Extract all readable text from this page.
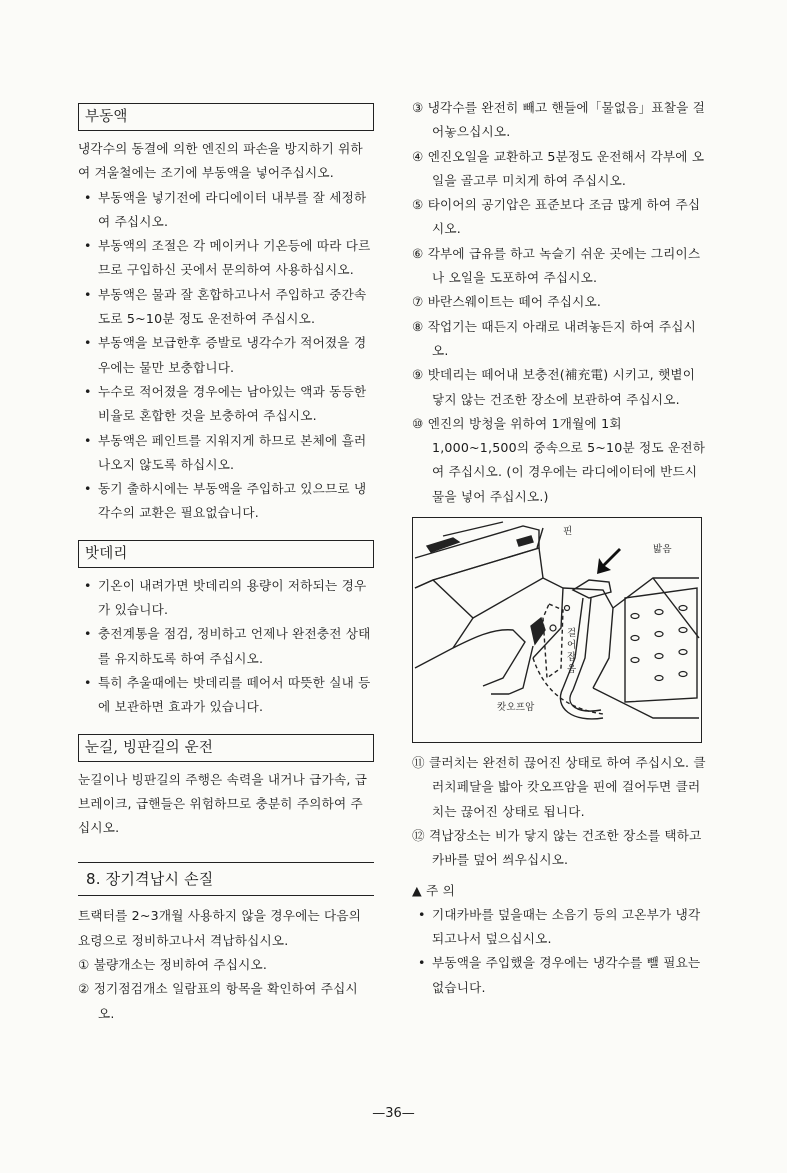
부동액

냉각수의 동결에 의한 엔진의 파손을 방지하기 위하여 겨울철에는 조기에 부동액을 넣어주십시오.

• 부동액을 넣기전에 라디에이터 내부를 잘 세정하여 주십시오.

• 부동액의 조절은 각 메이커나 기온등에 따라 다르므로 구입하신 곳에서 문의하여 사용하십시오.

• 부동액은 물과 잘 혼합하고나서 주입하고 중간속도로 5~10분 정도 운전하여 주십시오.

• 부동액을 보급한후 증발로 냉각수가 적어졌을 경우에는 물만 보충합니다.

• 누수로 적어졌을 경우에는 남아있는 액과 동등한 비율로 혼합한 것을 보충하여 주십시오.

• 부동액은 페인트를 지워지게 하므로 본체에 흘러나오지 않도록 하십시오.

• 동기 출하시에는 부동액을 주입하고 있으므로 냉각수의 교환은 필요없습니다.

밧데리

• 기온이 내려가면 밧데리의 용량이 저하되는 경우가 있습니다.

• 충전계통을 점검, 정비하고 언제나 완전충전 상태를 유지하도록 하여 주십시오.

• 특히 추울때에는 밧데리를 떼어서 따뜻한 실내 등에 보관하면 효과가 있습니다.

눈길, 빙판길의 운전

눈길이나 빙판길의 주행은 속력을 내거나 급가속, 급브레이크, 급핸들은 위험하므로 충분히 주의하여 주십시오.

8. 장기격납시 손질

트랙터를 2~3개월 사용하지 않을 경우에는 다음의 요령으로 정비하고나서 격납하십시오.

① 불량개소는 정비하여 주십시오.

② 정기점검개소 일람표의 항목을 확인하여 주십시오.

③ 냉각수를 완전히 빼고 핸들에「물없음」표찰을 걸어놓으십시오.

④ 엔진오일을 교환하고 5분정도 운전해서 각부에 오일을 골고루 미치게 하여 주십시오.

⑤ 타이어의 공기압은 표준보다 조금 많게 하여 주십시오.

⑥ 각부에 급유를 하고 녹슬기 쉬운 곳에는 그리이스나 오일을 도포하여 주십시오.

⑦ 바란스웨이트는 떼어 주십시오.

⑧ 작업기는 때든지 아래로 내려놓든지 하여 주십시오.

⑨ 밧데리는 떼어내 보충전(補充電) 시키고, 햇볕이 닿지 않는 건조한 장소에 보관하여 주십시오.

⑩ 엔진의 방청을 위하여 1개월에 1회 1,000~1,500의 중속으로 5~10분 정도 운전하여 주십시오. (이 경우에는 라디에이터에 반드시 물을 넣어 주십시오.)

핀
밟음
걸어잡음
캇오프암

⑪ 클러치는 완전히 끊어진 상태로 하여 주십시오. 클러치페달을 밟아 캇오프암을 핀에 걸어두면 클러치는 끊어진 상태로 됩니다.

⑫ 격납장소는 비가 닿지 않는 건조한 장소를 택하고 카바를 덮어 씌우십시오.

▲ 주 의

• 기대카바를 덮을때는 소음기 등의 고온부가 냉각되고나서 덮으십시오.

• 부동액을 주입했을 경우에는 냉각수를 뺄 필요는 없습니다.

—36—
